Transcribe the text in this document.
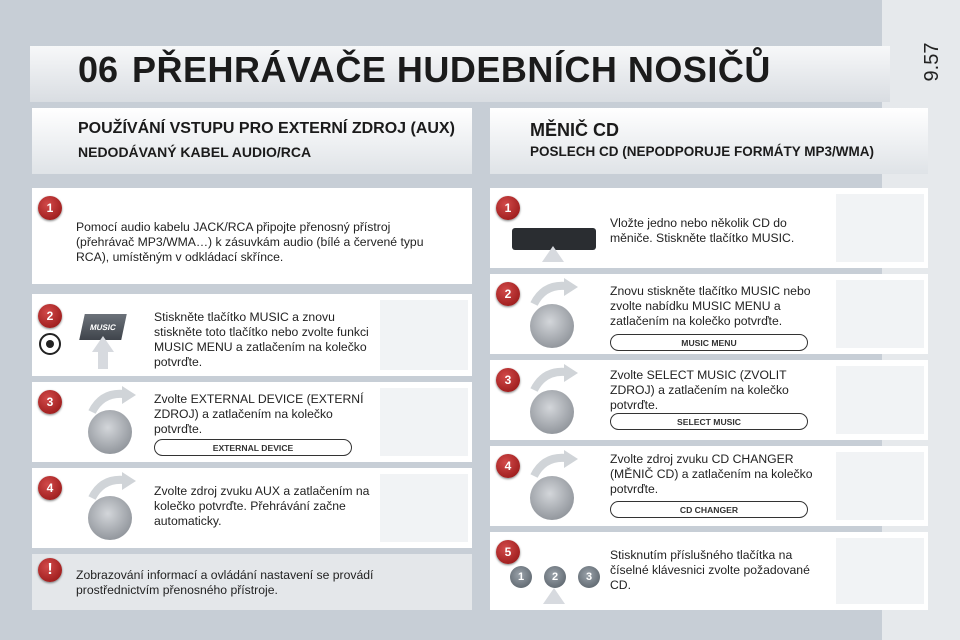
9.57
06 PŘEHRÁVAČE HUDEBNÍCH NOSIČŮ
POUŽÍVÁNÍ VSTUPU PRO EXTERNÍ ZDROJ (AUX)
NEDODÁVANÝ KABEL AUDIO/RCA
MĚNIČ CD
POSLECH CD (NEPODPORUJE FORMÁTY MP3/WMA)
1
Pomocí audio kabelu JACK/RCA připojte přenosný přístroj (přehrávač MP3/WMA…) k zásuvkám audio (bílé a červené typu RCA), umístěným v odkládací skřínce.
2
MUSIC
Stiskněte tlačítko MUSIC a znovu stiskněte toto tlačítko nebo zvolte funkci MUSIC MENU a zatlačením na kolečko potvrďte.
3	Zvolte EXTERNAL DEVICE (EXTERNÍ ZDROJ) a zatlačením na kolečko potvrďte.
EXTERNAL DEVICE
4	Zvolte zdroj zvuku AUX a zatlačením na kolečko potvrďte. Přehrávání začne automaticky.
!	Zobrazování informací a ovládání nastavení se provádí prostřednictvím přenosného přístroje.
1
Vložte jedno nebo několik CD do měniče. Stiskněte tlačítko MUSIC.
2	Znovu stiskněte tlačítko MUSIC nebo zvolte nabídku MUSIC MENU a zatlačením na kolečko potvrďte.
MUSIC MENU
3	Zvolte SELECT MUSIC (ZVOLIT ZDROJ) a zatlačením na kolečko potvrďte.
SELECT MUSIC
4	Zvolte zdroj zvuku CD CHANGER (MĚNIČ CD) a zatlačením na kolečko potvrďte.
CD CHANGER
5
1	2	3
Stisknutím příslušného tlačítka na číselné klávesnici zvolte požadované CD.
